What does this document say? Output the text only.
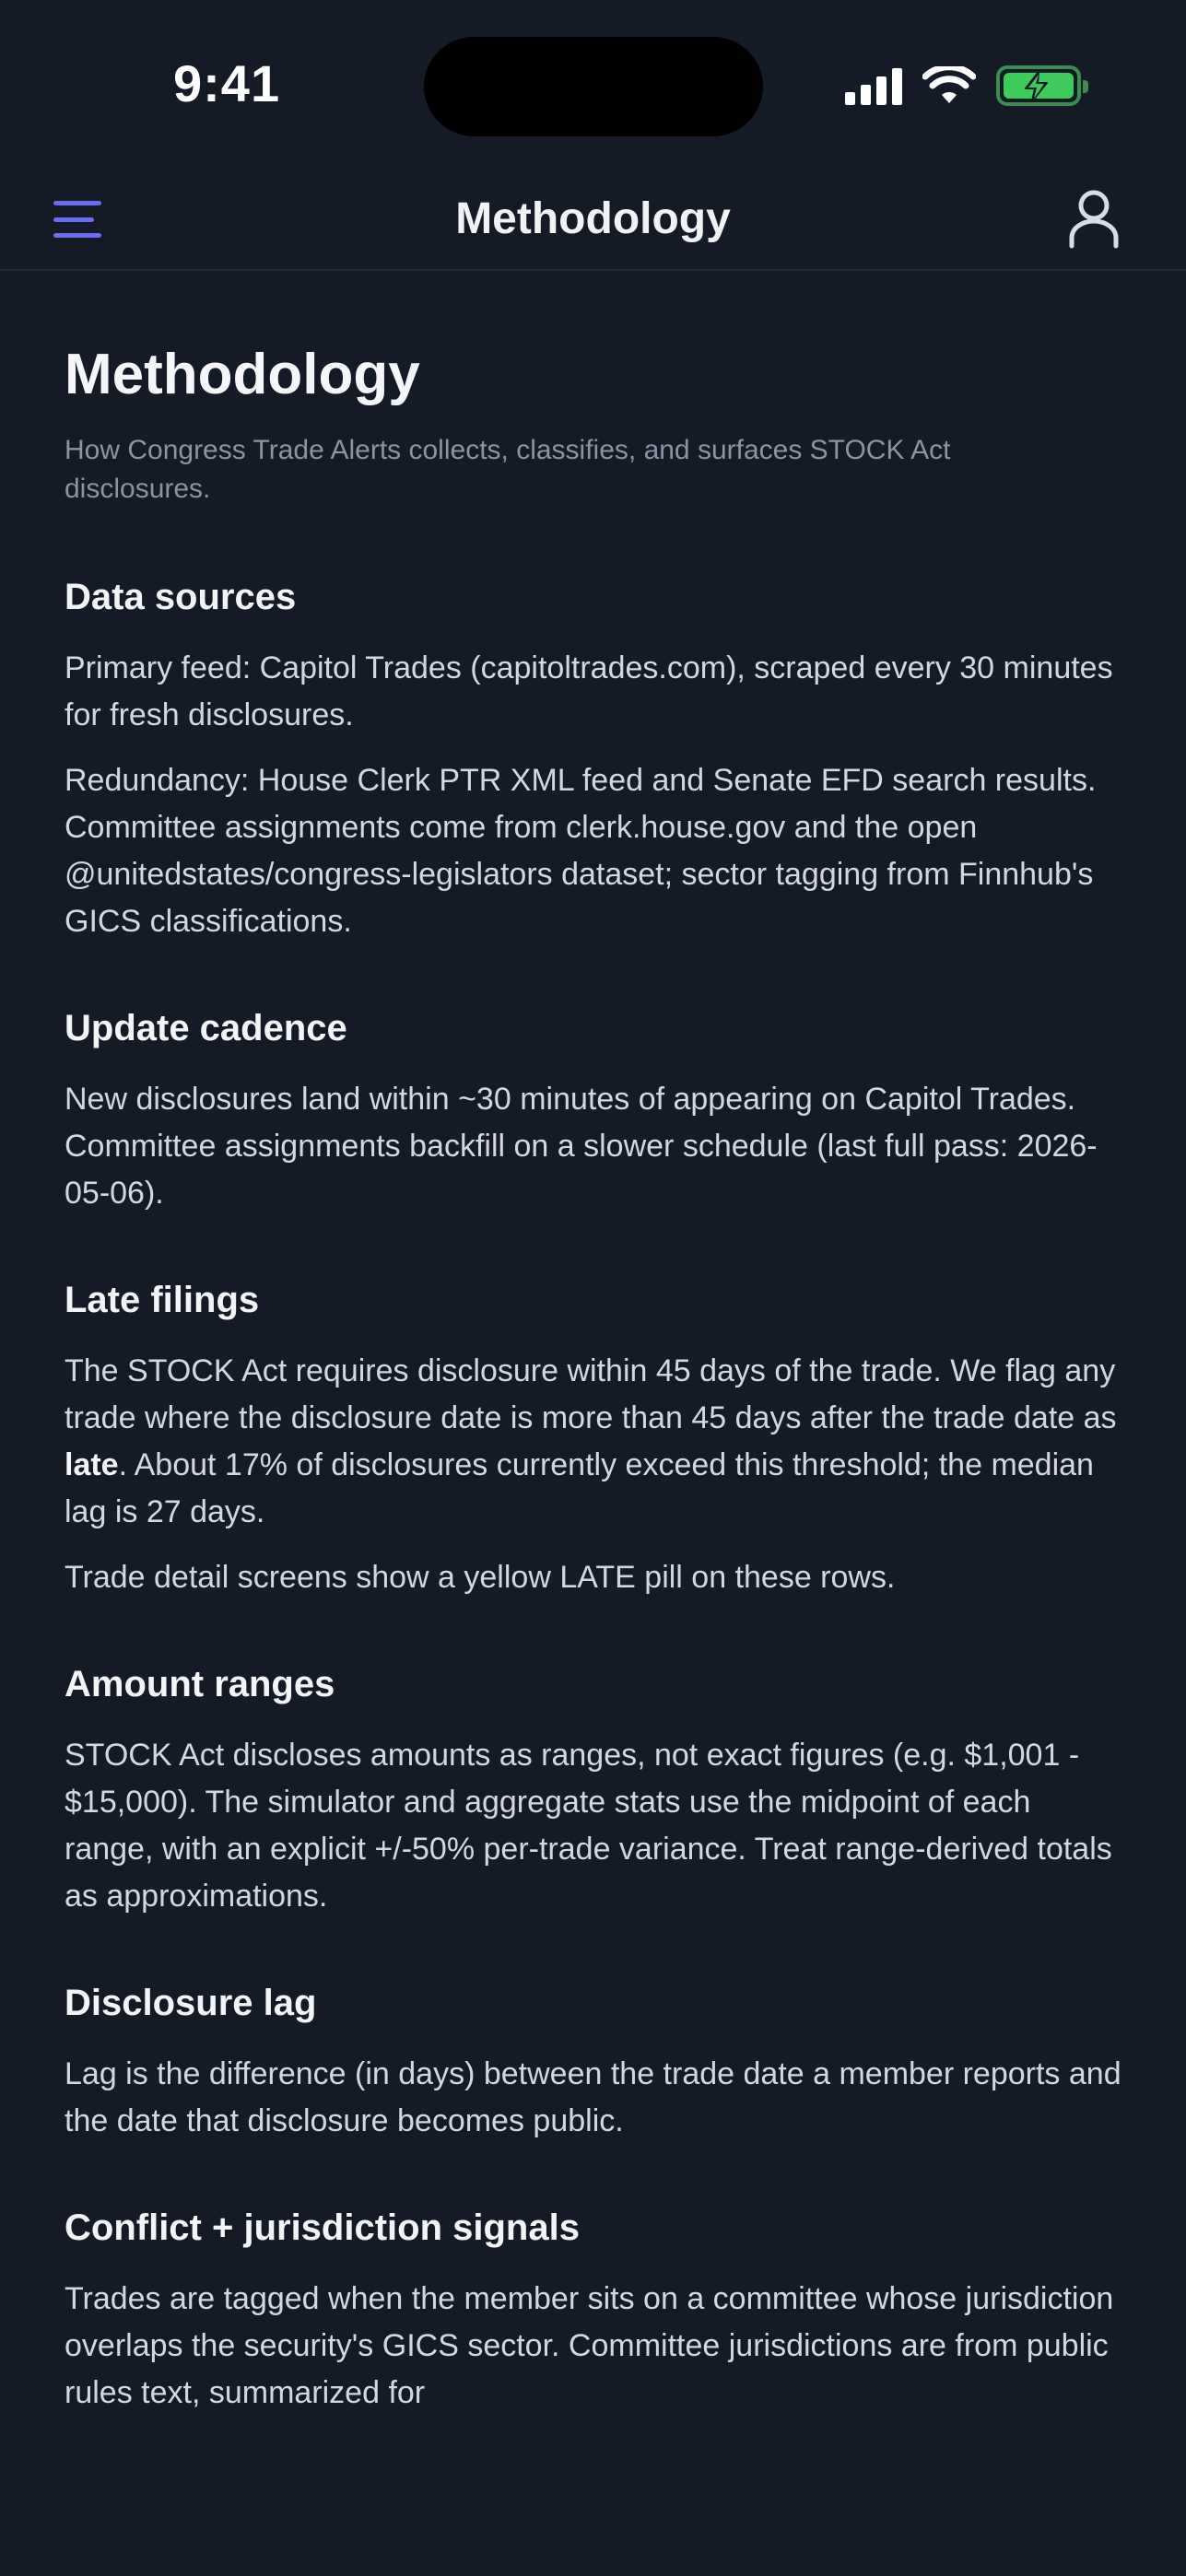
9:41
Methodology
Methodology
How Congress Trade Alerts collects, classifies, and surfaces STOCK Act disclosures.
Data sources

Primary feed: Capitol Trades (capitoltrades.com), scraped every 30 minutes for fresh disclosures.

Redundancy: House Clerk PTR XML feed and Senate EFD search results. Committee assignments come from clerk.house.gov and the open @unitedstates/congress-legislators dataset; sector tagging from Finnhub's GICS classifications.

Update cadence

New disclosures land within ~30 minutes of appearing on Capitol Trades. Committee assignments backfill on a slower schedule (last full pass: 2026-05-06).

Late filings

The STOCK Act requires disclosure within 45 days of the trade. We flag any trade where the disclosure date is more than 45 days after the trade date as late. About 17% of disclosures currently exceed this threshold; the median lag is 27 days.

Trade detail screens show a yellow LATE pill on these rows.

Amount ranges

STOCK Act discloses amounts as ranges, not exact figures (e.g. $1,001 - $15,000). The simulator and aggregate stats use the midpoint of each range, with an explicit +/-50% per-trade variance. Treat range-derived totals as approximations.

Disclosure lag

Lag is the difference (in days) between the trade date a member reports and the date that disclosure becomes public.

Conflict + jurisdiction signals

Trades are tagged when the member sits on a committee whose jurisdiction overlaps the security's GICS sector. Committee jurisdictions are from public rules text, summarized for
